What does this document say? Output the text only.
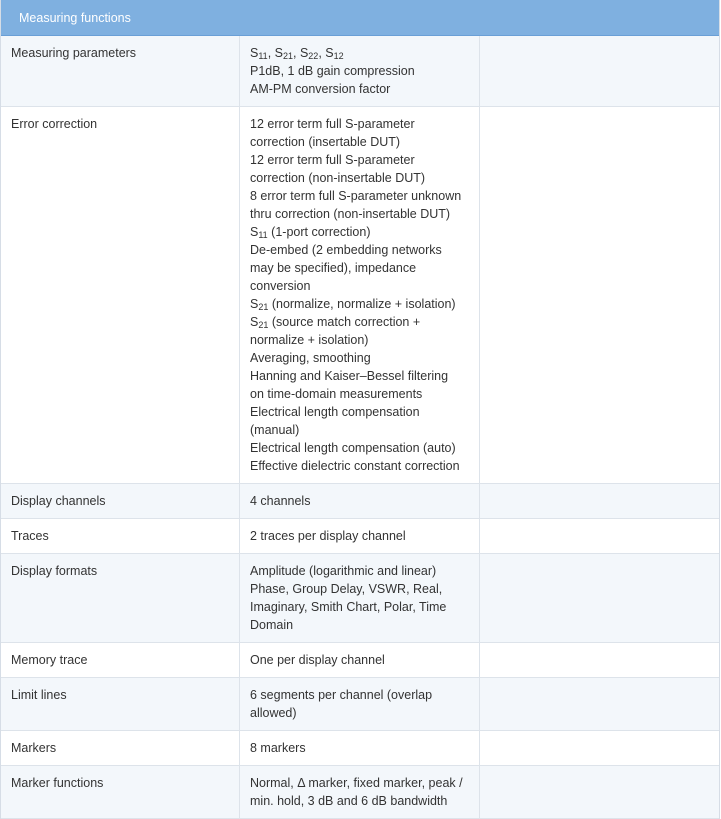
Measuring functions
Measuring parameters	$S_{11}$, $S_{21}$, $S_{22}$, $S_{12}$
P1dB, 1 dB gain compression
AM-PM conversion factor
Error correction	12 error term full S-parameter
correction (insertable DUT)
12 error term full S-parameter
correction (non-insertable DUT)
8 error term full S-parameter unknown
thru correction (non-insertable DUT)
$S_{11}$ (1-port correction)
De-embed (2 embedding networks
may be specified), impedance
conversion
$S_{21}$ (normalize, normalize + isolation)
$S_{21}$ (source match correction +
normalize + isolation)
Averaging, smoothing
Hanning and Kaiser–Bessel filtering
on time-domain measurements
Electrical length compensation
(manual)
Electrical length compensation (auto)
Effective dielectric constant correction
Display channels	4 channels
Traces	2 traces per display channel
Display formats	Amplitude (logarithmic and linear)
Phase, Group Delay, VSWR, Real,
Imaginary, Smith Chart, Polar, Time
Domain
Memory trace	One per display channel
Limit lines	6 segments per channel (overlap
allowed)
Markers	8 markers
Marker functions	Normal, Δ marker, fixed marker, peak /
min. hold, 3 dB and 6 dB bandwidth
